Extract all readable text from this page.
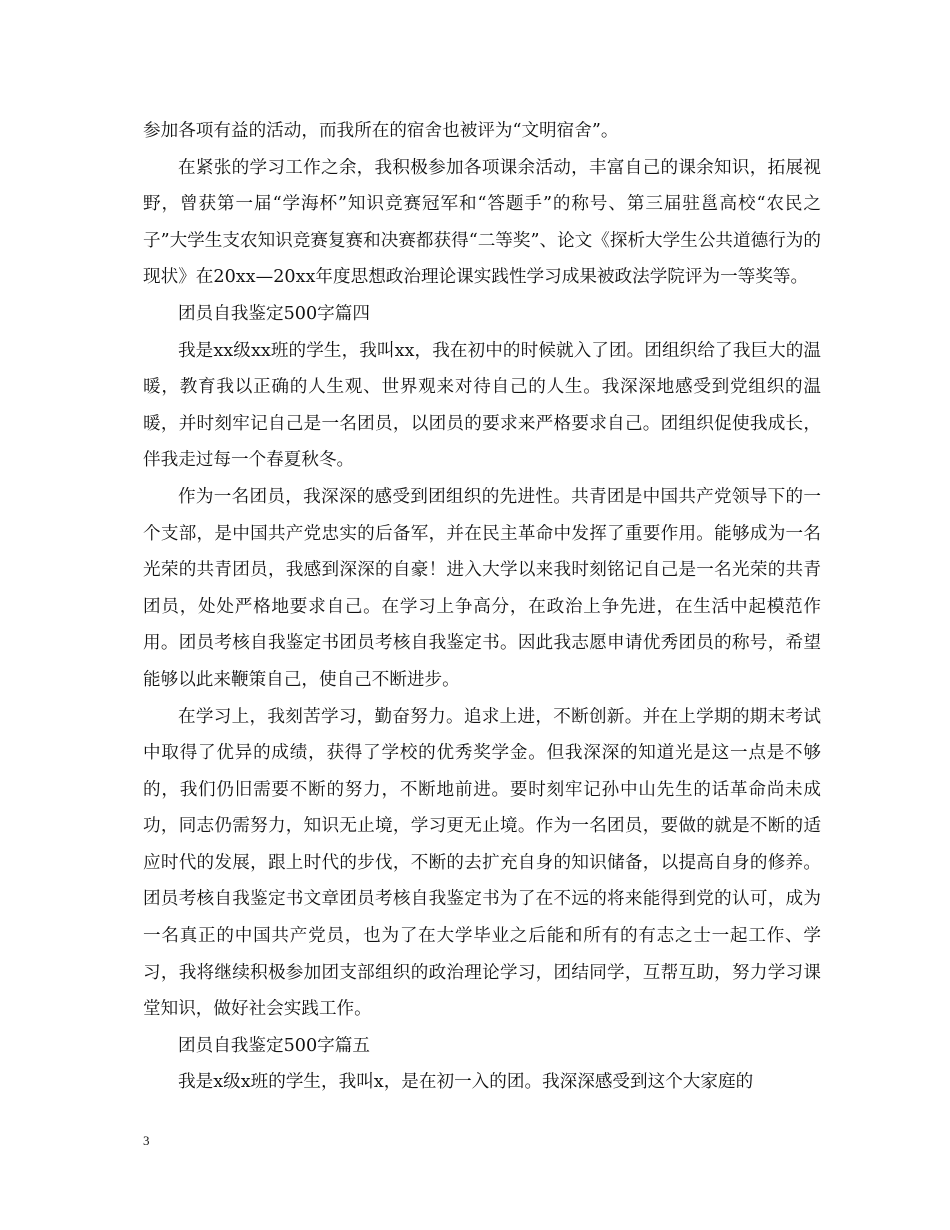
参加各项有益的活动，而我所在的宿舍也被评为“文明宿舍”。

在紧张的学习工作之余，我积极参加各项课余活动，丰富自己的课余知识，拓展视野，曾获第一届“学海杯”知识竞赛冠军和“答题手”的称号、第三届驻邕高校“农民之子”大学生支农知识竞赛复赛和决赛都获得“二等奖”、论文《探析大学生公共道德行为的现状》在20xx—20xx年度思想政治理论课实践性学习成果被政法学院评为一等奖等。

团员自我鉴定500字篇四

我是xx级xx班的学生，我叫xx，我在初中的时候就入了团。团组织给了我巨大的温暖，教育我以正确的人生观、世界观来对待自己的人生。我深深地感受到党组织的温暖，并时刻牢记自己是一名团员，以团员的要求来严格要求自己。团组织促使我成长，伴我走过每一个春夏秋冬。

作为一名团员，我深深的感受到团组织的先进性。共青团是中国共产党领导下的一个支部，是中国共产党忠实的后备军，并在民主革命中发挥了重要作用。能够成为一名光荣的共青团员，我感到深深的自豪！进入大学以来我时刻铭记自己是一名光荣的共青团员，处处严格地要求自己。在学习上争高分，在政治上争先进，在生活中起模范作用。团员考核自我鉴定书团员考核自我鉴定书。因此我志愿申请优秀团员的称号，希望能够以此来鞭策自己，使自己不断进步。

在学习上，我刻苦学习，勤奋努力。追求上进，不断创新。并在上学期的期末考试中取得了优异的成绩，获得了学校的优秀奖学金。但我深深的知道光是这一点是不够的，我们仍旧需要不断的努力，不断地前进。要时刻牢记孙中山先生的话革命尚未成功，同志仍需努力，知识无止境，学习更无止境。作为一名团员，要做的就是不断的适应时代的发展，跟上时代的步伐，不断的去扩充自身的知识储备，以提高自身的修养。团员考核自我鉴定书文章团员考核自我鉴定书为了在不远的将来能得到党的认可，成为一名真正的中国共产党员，也为了在大学毕业之后能和所有的有志之士一起工作、学习，我将继续积极参加团支部组织的政治理论学习，团结同学，互帮互助，努力学习课堂知识，做好社会实践工作。

团员自我鉴定500字篇五

我是x级x班的学生，我叫x，是在初一入的团。我深深感受到这个大家庭的

3
